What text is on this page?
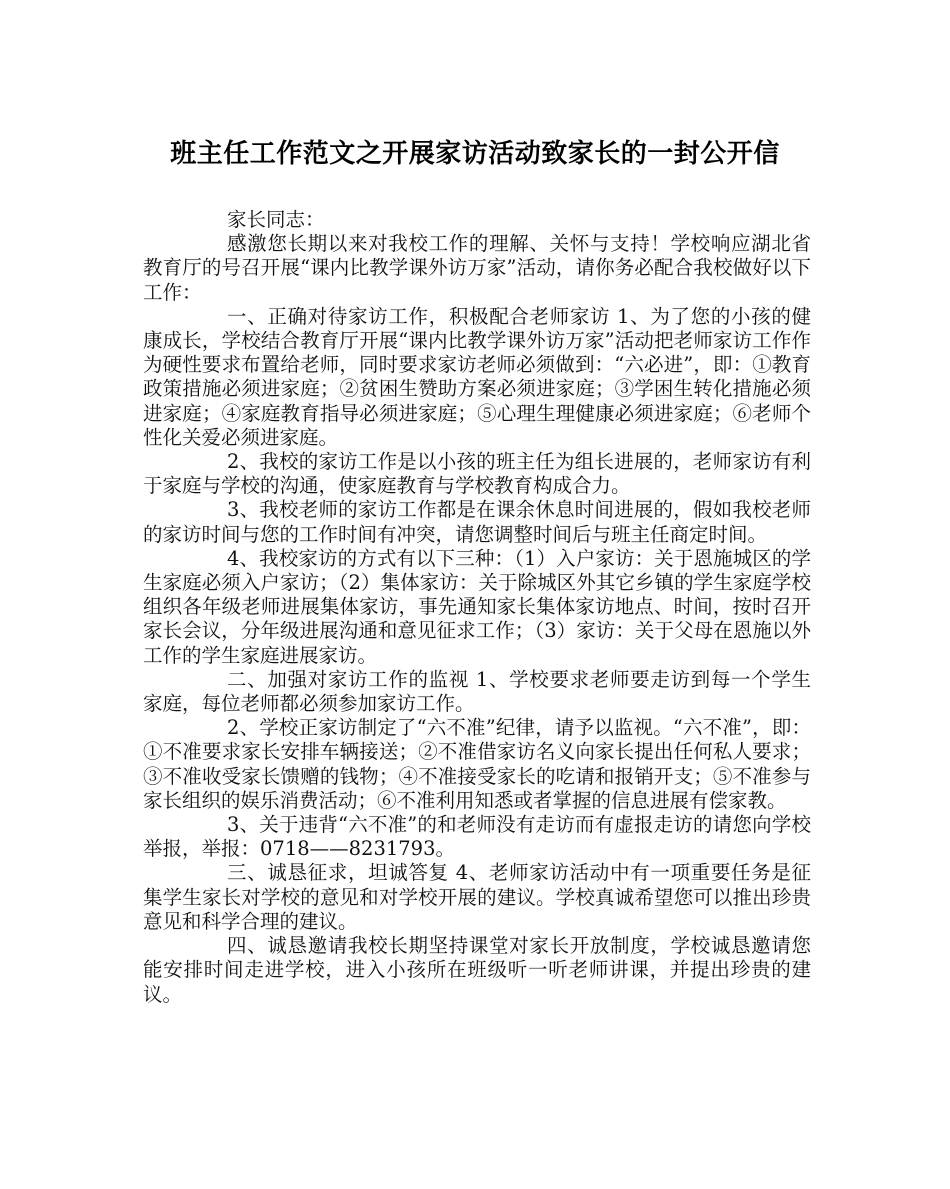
班主任工作范文之开展家访活动致家长的一封公开信

家长同志：

感激您长期以来对我校工作的理解、关怀与支持！学校响应湖北省教育厅的号召开展“课内比教学课外访万家”活动，请你务必配合我校做好以下工作：

一、正确对待家访工作，积极配合老师家访 1、为了您的小孩的健康成长，学校结合教育厅开展“课内比教学课外访万家”活动把老师家访工作作为硬性要求布置给老师，同时要求家访老师必须做到：“六必进”，即：①教育政策措施必须进家庭；②贫困生赞助方案必须进家庭；③学困生转化措施必须进家庭；④家庭教育指导必须进家庭；⑤心理生理健康必须进家庭；⑥老师个性化关爱必须进家庭。

2、我校的家访工作是以小孩的班主任为组长进展的，老师家访有利于家庭与学校的沟通，使家庭教育与学校教育构成合力。

3、我校老师的家访工作都是在课余休息时间进展的，假如我校老师的家访时间与您的工作时间有冲突，请您调整时间后与班主任商定时间。

4、我校家访的方式有以下三种：（1）入户家访：关于恩施城区的学生家庭必须入户家访；（2）集体家访：关于除城区外其它乡镇的学生家庭学校组织各年级老师进展集体家访，事先通知家长集体家访地点、时间，按时召开家长会议，分年级进展沟通和意见征求工作；（3）家访：关于父母在恩施以外工作的学生家庭进展家访。

二、加强对家访工作的监视 1、学校要求老师要走访到每一个学生家庭，每位老师都必须参加家访工作。

2、学校正家访制定了“六不准”纪律，请予以监视。“六不准”，即：①不准要求家长安排车辆接送；②不准借家访名义向家长提出任何私人要求；③不准收受家长馈赠的钱物；④不准接受家长的吃请和报销开支；⑤不准参与家长组织的娱乐消费活动；⑥不准利用知悉或者掌握的信息进展有偿家教。

3、关于违背“六不准”的和老师没有走访而有虚报走访的请您向学校举报，举报：0718——8231793。

三、诚恳征求，坦诚答复 4、老师家访活动中有一项重要任务是征集学生家长对学校的意见和对学校开展的建议。学校真诚希望您可以推出珍贵意见和科学合理的建议。

四、诚恳邀请我校长期坚持课堂对家长开放制度，学校诚恳邀请您能安排时间走进学校，进入小孩所在班级听一听老师讲课，并提出珍贵的建议。
